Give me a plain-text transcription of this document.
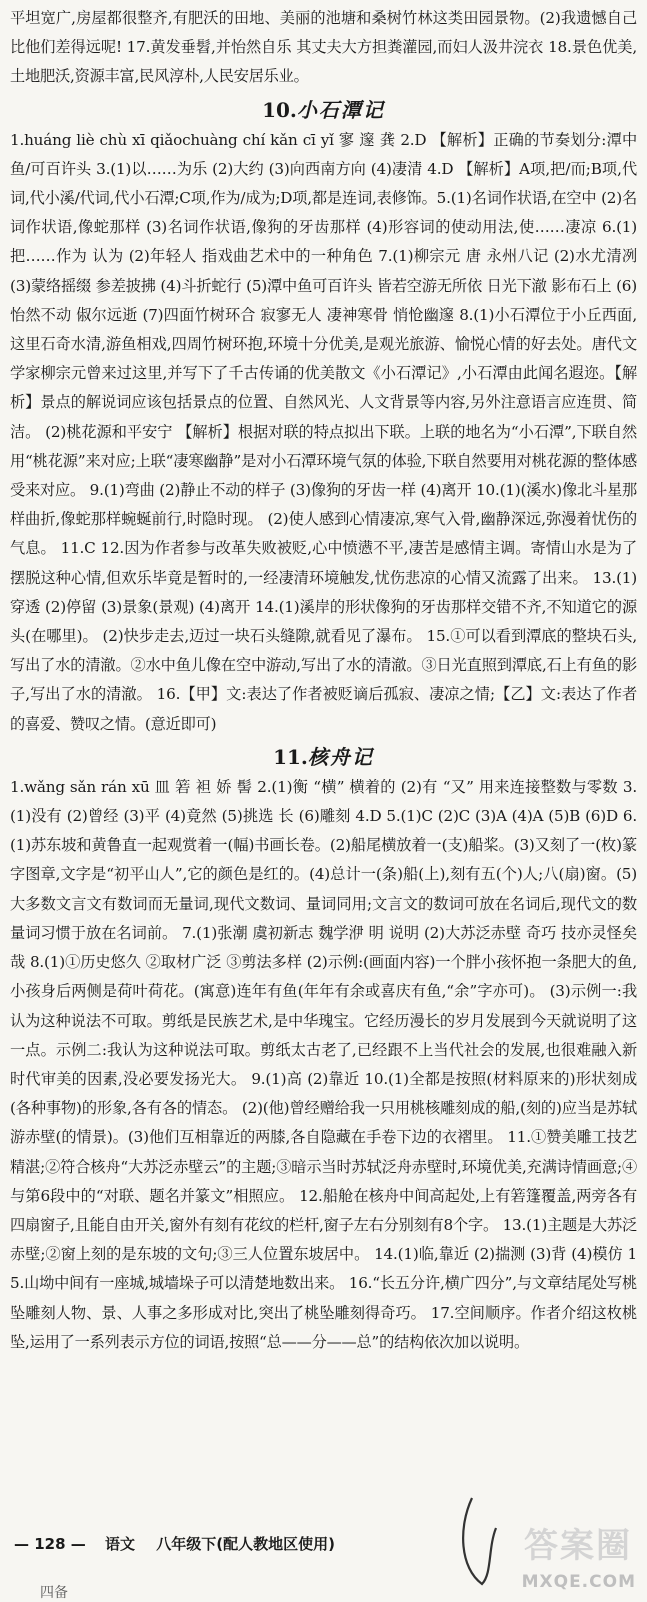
平坦宽广,房屋都很整齐,有肥沃的田地、美丽的池塘和桑树竹林这类田园景物。(2)我遗憾自己比他们差得远呢! 17.黄发垂髫,并怡然自乐 其丈夫大方担粪灌园,而妇人汲井浣衣 18.景色优美,土地肥沃,资源丰富,民风淳朴,人民安居乐业。

10.小石潭记

1.huáng liè chù xī qiǎochuàng chí kǎn cī yǐ 寥 邃 龚 2.D 【解析】正确的节奏划分:潭中鱼/可百许头 3.(1)以……为乐 (2)大约 (3)向西南方向 (4)凄清 4.D 【解析】A项,把/而;B项,代词,代小溪/代词,代小石潭;C项,作为/成为;D项,都是连词,表修饰。5.(1)名词作状语,在空中 (2)名词作状语,像蛇那样 (3)名词作状语,像狗的牙齿那样 (4)形容词的使动用法,使……凄凉 6.(1)把……作为 认为 (2)年轻人 指戏曲艺术中的一种角色 7.(1)柳宗元 唐 永州八记 (2)水尤清冽 (3)蒙络摇缀 参差披拂 (4)斗折蛇行 (5)潭中鱼可百许头 皆若空游无所依 日光下澈 影布石上 (6)怡然不动 俶尔远逝 (7)四面竹树环合 寂寥无人 凄神寒骨 悄怆幽邃 8.(1)小石潭位于小丘西面,这里石奇水清,游鱼相戏,四周竹树环抱,环境十分优美,是观光旅游、愉悦心情的好去处。唐代文学家柳宗元曾来过这里,并写下了千古传诵的优美散文《小石潭记》,小石潭由此闻名遐迩。【解析】景点的解说词应该包括景点的位置、自然风光、人文背景等内容,另外注意语言应连贯、简洁。 (2)桃花源和平安宁 【解析】根据对联的特点拟出下联。上联的地名为“小石潭”,下联自然用“桃花源”来对应;上联“凄寒幽静”是对小石潭环境气氛的体验,下联自然要用对桃花源的整体感受来对应。 9.(1)弯曲 (2)静止不动的样子 (3)像狗的牙齿一样 (4)离开 10.(1)(溪水)像北斗星那样曲折,像蛇那样蜿蜒前行,时隐时现。 (2)使人感到心情凄凉,寒气入骨,幽静深远,弥漫着忧伤的气息。 11.C 12.因为作者参与改革失败被贬,心中愤懑不平,凄苦是感情主调。寄情山水是为了摆脱这种心情,但欢乐毕竟是暂时的,一经凄清环境触发,忧伤悲凉的心情又流露了出来。 13.(1)穿透 (2)停留 (3)景象(景观) (4)离开 14.(1)溪岸的形状像狗的牙齿那样交错不齐,不知道它的源头(在哪里)。 (2)快步走去,迈过一块石头缝隙,就看见了瀑布。 15.①可以看到潭底的整块石头,写出了水的清澈。②水中鱼儿像在空中游动,写出了水的清澈。③日光直照到潭底,石上有鱼的影子,写出了水的清澈。 16.【甲】文:表达了作者被贬谪后孤寂、凄凉之情;【乙】文:表达了作者的喜爱、赞叹之情。(意近即可)

11.核舟记

1.wǎng sǎn rán xū 皿 箬 袒 娇 髻 2.(1)衡 “横” 横着的 (2)有 “又” 用来连接整数与零数 3.(1)没有 (2)曾经 (3)平 (4)竟然 (5)挑选 长 (6)雕刻 4.D 5.(1)C (2)C (3)A (4)A (5)B (6)D 6.(1)苏东坡和黄鲁直一起观赏着一(幅)书画长卷。(2)船尾横放着一(支)船桨。(3)又刻了一(枚)篆字图章,文字是“初平山人”,它的颜色是红的。(4)总计一(条)船(上),刻有五(个)人;八(扇)窗。(5)大多数文言文有数词而无量词,现代文数词、量词同用;文言文的数词可放在名词后,现代文的数量词习惯于放在名词前。 7.(1)张潮 虞初新志 魏学洢 明 说明 (2)大苏泛赤壁 奇巧 技亦灵怪矣哉 8.(1)①历史悠久 ②取材广泛 ③剪法多样 (2)示例:(画面内容)一个胖小孩怀抱一条肥大的鱼,小孩身后两侧是荷叶荷花。(寓意)连年有鱼(年年有余或喜庆有鱼,“余”字亦可)。 (3)示例一:我认为这种说法不可取。剪纸是民族艺术,是中华瑰宝。它经历漫长的岁月发展到今天就说明了这一点。示例二:我认为这种说法可取。剪纸太古老了,已经跟不上当代社会的发展,也很难融入新时代审美的因素,没必要发扬光大。 9.(1)高 (2)靠近 10.(1)全都是按照(材料原来的)形状刻成(各种事物)的形象,各有各的情态。 (2)(他)曾经赠给我一只用桃核雕刻成的船,(刻的)应当是苏轼游赤壁(的情景)。(3)他们互相靠近的两膝,各自隐藏在手卷下边的衣褶里。 11.①赞美雕工技艺精湛;②符合核舟“大苏泛赤壁云”的主题;③暗示当时苏轼泛舟赤壁时,环境优美,充满诗情画意;④与第6段中的“对联、题名并篆文”相照应。 12.船舱在核舟中间高起处,上有箬篷覆盖,两旁各有四扇窗子,且能自由开关,窗外有刻有花纹的栏杆,窗子左右分别刻有8个字。 13.(1)主题是大苏泛赤壁;②窗上刻的是东坡的文句;③三人位置东坡居中。 14.(1)临,靠近 (2)揣测 (3)背 (4)模仿 15.山坳中间有一座城,城墙垛子可以清楚地数出来。 16.“长五分许,横广四分”,与文章结尾处写桃坠雕刻人物、景、人事之多形成对比,突出了桃坠雕刻得奇巧。 17.空间顺序。作者介绍这枚桃坠,运用了一系列表示方位的词语,按照“总——分——总”的结构依次加以说明。

— 128 — 语文 八年级下(配人教地区使用)	答案圈
MXQE.COM
四备
